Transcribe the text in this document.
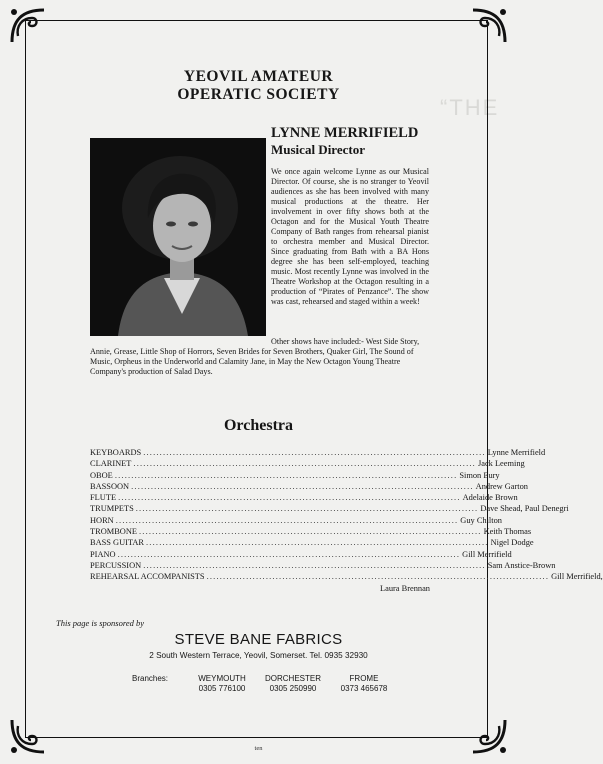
“THE
YEOVIL AMATEUR
OPERATIC SOCIETY
LYNNE MERRIFIELD
Musical Director
We once again welcome Lynne as our Musical Director. Of course, she is no stranger to Yeovil audiences as she has been involved with many musical productions at the theatre. Her involvement in over fifty shows both at the Octagon and for the Musical Youth Theatre Company of Bath ranges from rehearsal pianist to orchestra member and Musical Director. Since graduating from Bath with a BA Hons degree she has been self-employed, teaching music. Most recently Lynne was involved in the Theatre Workshop at the Octagon resulting in a production of “Pirates of Penzance”. The show was cast, rehearsed and staged within a week!
Other shows have included:- West Side Story, Annie, Grease, Little Shop of Horrors, Seven Brides for Seven Brothers, Quaker Girl, The Sound of Music, Orpheus in the Underworld and Calamity Jane, in May the New Octagon Young Theatre Company's production of Salad Days.
Orchestra
KEYBOARDS ........................................................................................................ Lynne Merrifield
CLARINET ........................................................................................................ Jack Leeming
OBOE ........................................................................................................ Simon Eury
BASSOON ........................................................................................................ Andrew Garton
FLUTE ........................................................................................................ Adelaide Brown
TRUMPETS ........................................................................................................ Dave Shead, Paul Denegri
HORN ........................................................................................................ Guy Chilton
TROMBONE ........................................................................................................ Keith Thomas
BASS GUITAR ........................................................................................................ Nigel Dodge
PIANO ........................................................................................................ Gill Merrifield
PERCUSSION ........................................................................................................ Sam Anstice-Brown
REHEARSAL ACCOMPANISTS ........................................................................................................ Gill Merrifield,
Laura Brennan
This page is sponsored by
STEVE BANE FABRICS
2 South Western Terrace, Yeovil, Somerset. Tel. 0935 32930
Branches:	WEYMOUTH
0305 776100
DORCHESTER
0305 250990
FROME
0373 465678
ten
